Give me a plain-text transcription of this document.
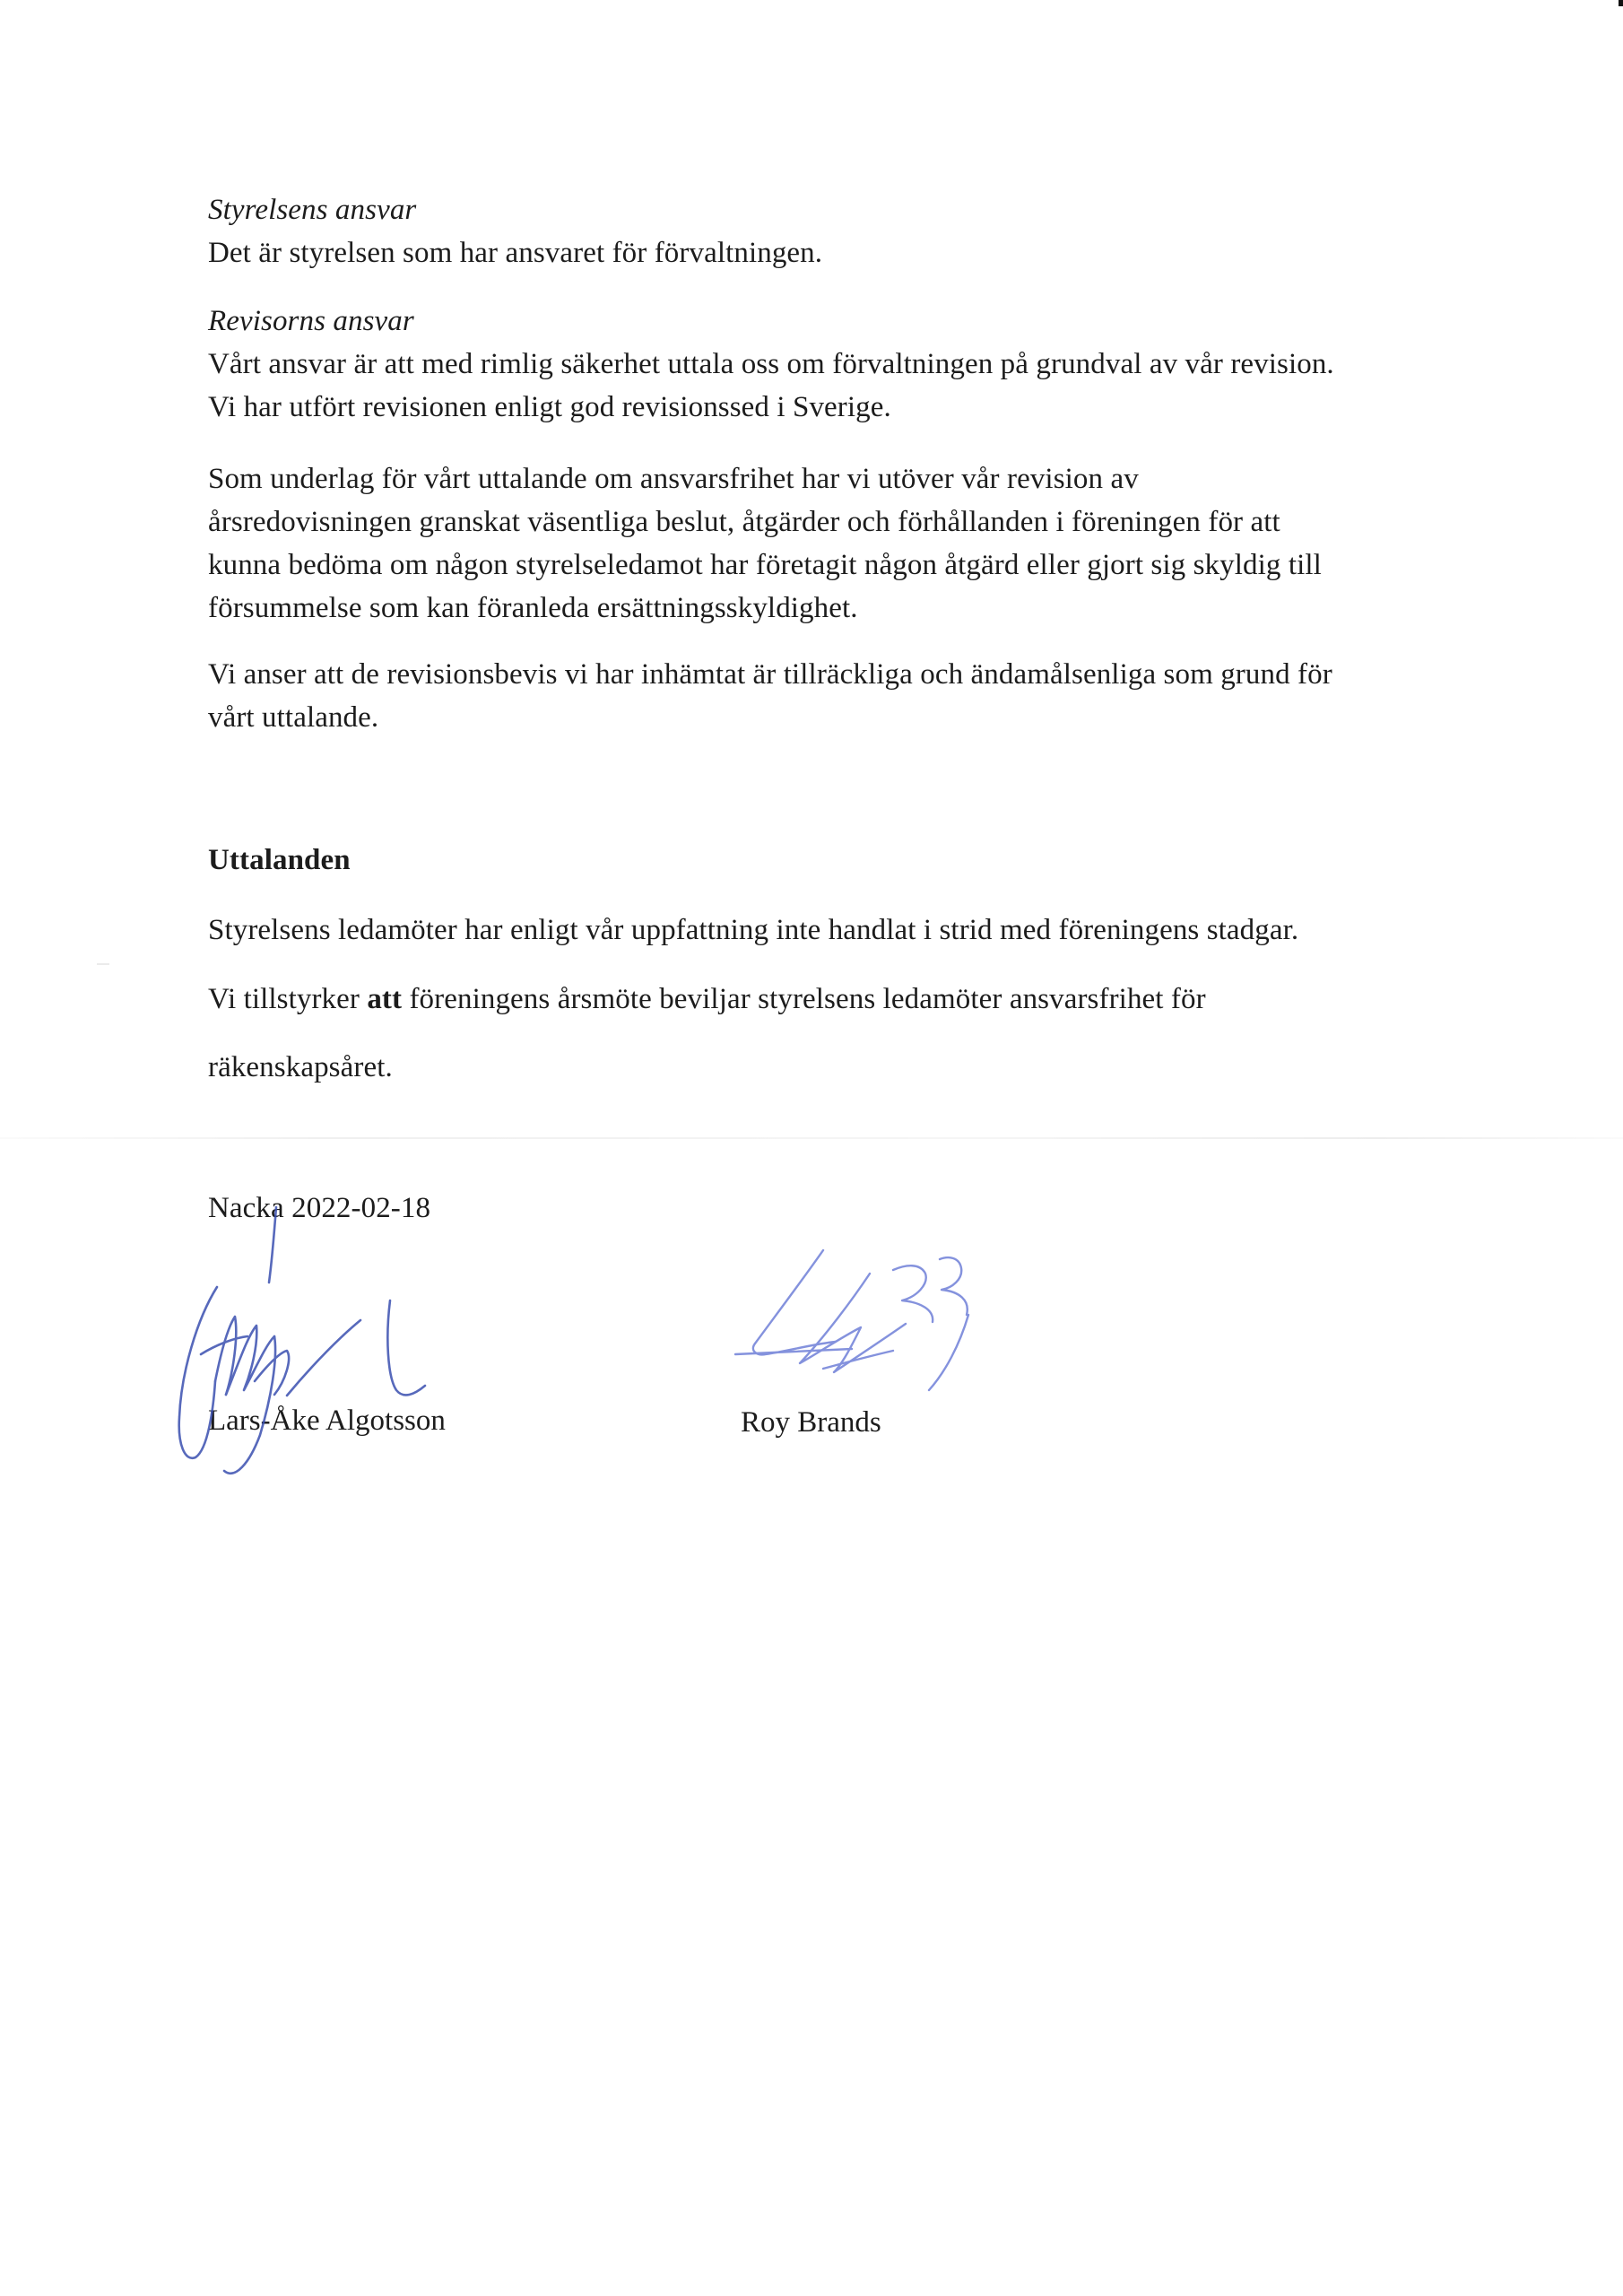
Styrelsens ansvar
Det är styrelsen som har ansvaret för förvaltningen.
Revisorns ansvar
Vårt ansvar är att med rimlig säkerhet uttala oss om förvaltningen på grundval av vår revision.
Vi har utfört revisionen enligt god revisionssed i Sverige.
Som underlag för vårt uttalande om ansvarsfrihet har vi utöver vår revision av
årsredovisningen granskat väsentliga beslut, åtgärder och förhållanden i föreningen för att
kunna bedöma om någon styrelseledamot har företagit någon åtgärd eller gjort sig skyldig till
försummelse som kan föranleda ersättningsskyldighet.
Vi anser att de revisionsbevis vi har inhämtat är tillräckliga och ändamålsenliga som grund för
vårt uttalande.
Uttalanden
Styrelsens ledamöter har enligt vår uppfattning inte handlat i strid med föreningens stadgar.
Vi tillstyrker att föreningens årsmöte beviljar styrelsens ledamöter ansvarsfrihet för
räkenskapsåret.
Nacka 2022-02-18
Lars-Åke Algotsson	Roy Brands
